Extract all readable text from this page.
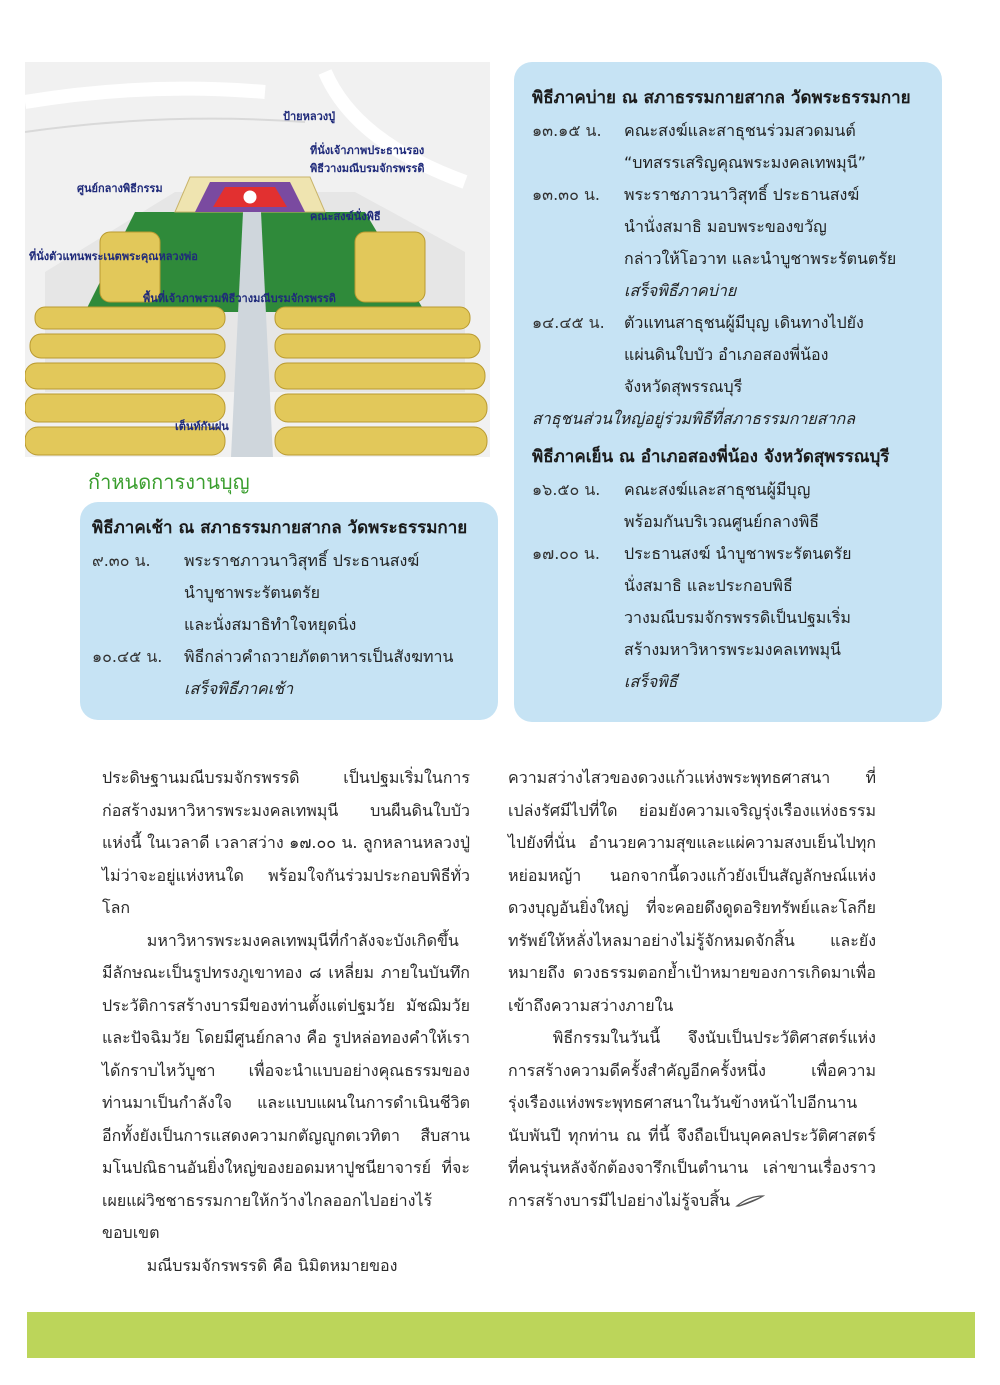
ป้ายหลวงปู่
ที่นั่งเจ้าภาพประธานรอง
พิธีวางมณีบรมจักรพรรดิ
ศูนย์กลางพิธีกรรม
คณะสงฆ์นั่งพิธี
ที่นั่งตัวแทนพระเนตพระคุณหลวงพ่อ
พื้นที่เจ้าภาพรวมพิธีวางมณีบรมจักรพรรดิ
เต็นท์กันฝน
กำหนดการงานบุญ
พิธีภาคเช้า ณ สภาธรรมกายสากล วัดพระธรรมกาย
๙.๓๐ น.	พระราชภาวนาวิสุทธิ์ ประธานสงฆ์
นำบูชาพระรัตนตรัย
และนั่งสมาธิทำใจหยุดนิ่ง
๑๐.๔๕ น.	พิธีกล่าวคำถวายภัตตาหารเป็นสังฆทาน
เสร็จพิธีภาคเช้า
พิธีภาคบ่าย ณ สภาธรรมกายสากล วัดพระธรรมกาย
๑๓.๑๕ น.	คณะสงฆ์และสาธุชนร่วมสวดมนต์
“บทสรรเสริญคุณพระมงคลเทพมุนี”
๑๓.๓๐ น.	พระราชภาวนาวิสุทธิ์ ประธานสงฆ์
นำนั่งสมาธิ มอบพระของขวัญ
กล่าวให้โอวาท และนำบูชาพระรัตนตรัย
เสร็จพิธีภาคบ่าย
๑๔.๔๕ น.	ตัวแทนสาธุชนผู้มีบุญ เดินทางไปยัง
แผ่นดินใบบัว อำเภอสองพี่น้อง
จังหวัดสุพรรณบุรี
สาธุชนส่วนใหญ่อยู่ร่วมพิธีที่สภาธรรมกายสากล
พิธีภาคเย็น ณ อำเภอสองพี่น้อง จังหวัดสุพรรณบุรี
๑๖.๕๐ น.	คณะสงฆ์และสาธุชนผู้มีบุญ
พร้อมกันบริเวณศูนย์กลางพิธี
๑๗.๐๐ น.	ประธานสงฆ์ นำบูชาพระรัตนตรัย
นั่งสมาธิ และประกอบพิธี
วางมณีบรมจักรพรรดิเป็นปฐมเริ่ม
สร้างมหาวิหารพระมงคลเทพมุนี
เสร็จพิธี

ประดิษฐานมณีบรมจักรพรรดิ เป็นปฐมเริ่มในการก่อสร้างมหาวิหารพระมงคลเทพมุนี บนผืนดินใบบัวแห่งนี้ ในเวลาดี เวลาสว่าง ๑๗.๐๐ น. ลูกหลานหลวงปู่ไม่ว่าจะอยู่แห่งหนใด พร้อมใจกันร่วมประกอบพิธีทั่วโลก

มหาวิหารพระมงคลเทพมุนีที่กำลังจะบังเกิดขึ้น มีลักษณะเป็นรูปทรงภูเขาทอง ๘ เหลี่ยม ภายในบันทึกประวัติการสร้างบารมีของท่านตั้งแต่ปฐมวัย มัชฌิมวัยและปัจฉิมวัย โดยมีศูนย์กลาง คือ รูปหล่อทองคำให้เราได้กราบไหว้บูชา เพื่อจะนำแบบอย่างคุณธรรมของท่านมาเป็นกำลังใจ และแบบแผนในการดำเนินชีวิต อีกทั้งยังเป็นการแสดงความกตัญญูกตเวทิตา สืบสานมโนปณิธานอันยิ่งใหญ่ของยอดมหาปูชนียาจารย์ ที่จะเผยแผ่วิชชาธรรมกายให้กว้างไกลออกไปอย่างไร้ขอบเขต

มณีบรมจักรพรรดิ คือ นิมิตหมายของ

ความสว่างไสวของดวงแก้วแห่งพระพุทธศาสนา ที่เปล่งรัศมีไปที่ใด ย่อมยังความเจริญรุ่งเรืองแห่งธรรมไปยังที่นั่น อำนวยความสุขและแผ่ความสงบเย็นไปทุกหย่อมหญ้า นอกจากนี้ดวงแก้วยังเป็นสัญลักษณ์แห่งดวงบุญอันยิ่งใหญ่ ที่จะคอยดึงดูดอริยทรัพย์และโลกียทรัพย์ให้หลั่งไหลมาอย่างไม่รู้จักหมดจักสิ้น และยังหมายถึง ดวงธรรมตอกย้ำเป้าหมายของการเกิดมาเพื่อเข้าถึงความสว่างภายใน

พิธีกรรมในวันนี้ จึงนับเป็นประวัติศาสตร์แห่งการสร้างความดีครั้งสำคัญอีกครั้งหนึ่ง เพื่อความรุ่งเรืองแห่งพระพุทธศาสนาในวันข้างหน้าไปอีกนานนับพันปี ทุกท่าน ณ ที่นี้ จึงถือเป็นบุคคลประวัติศาสตร์ ที่คนรุ่นหลังจักต้องจารึกเป็นตำนาน เล่าขานเรื่องราวการสร้างบารมีไปอย่างไม่รู้จบสิ้น
